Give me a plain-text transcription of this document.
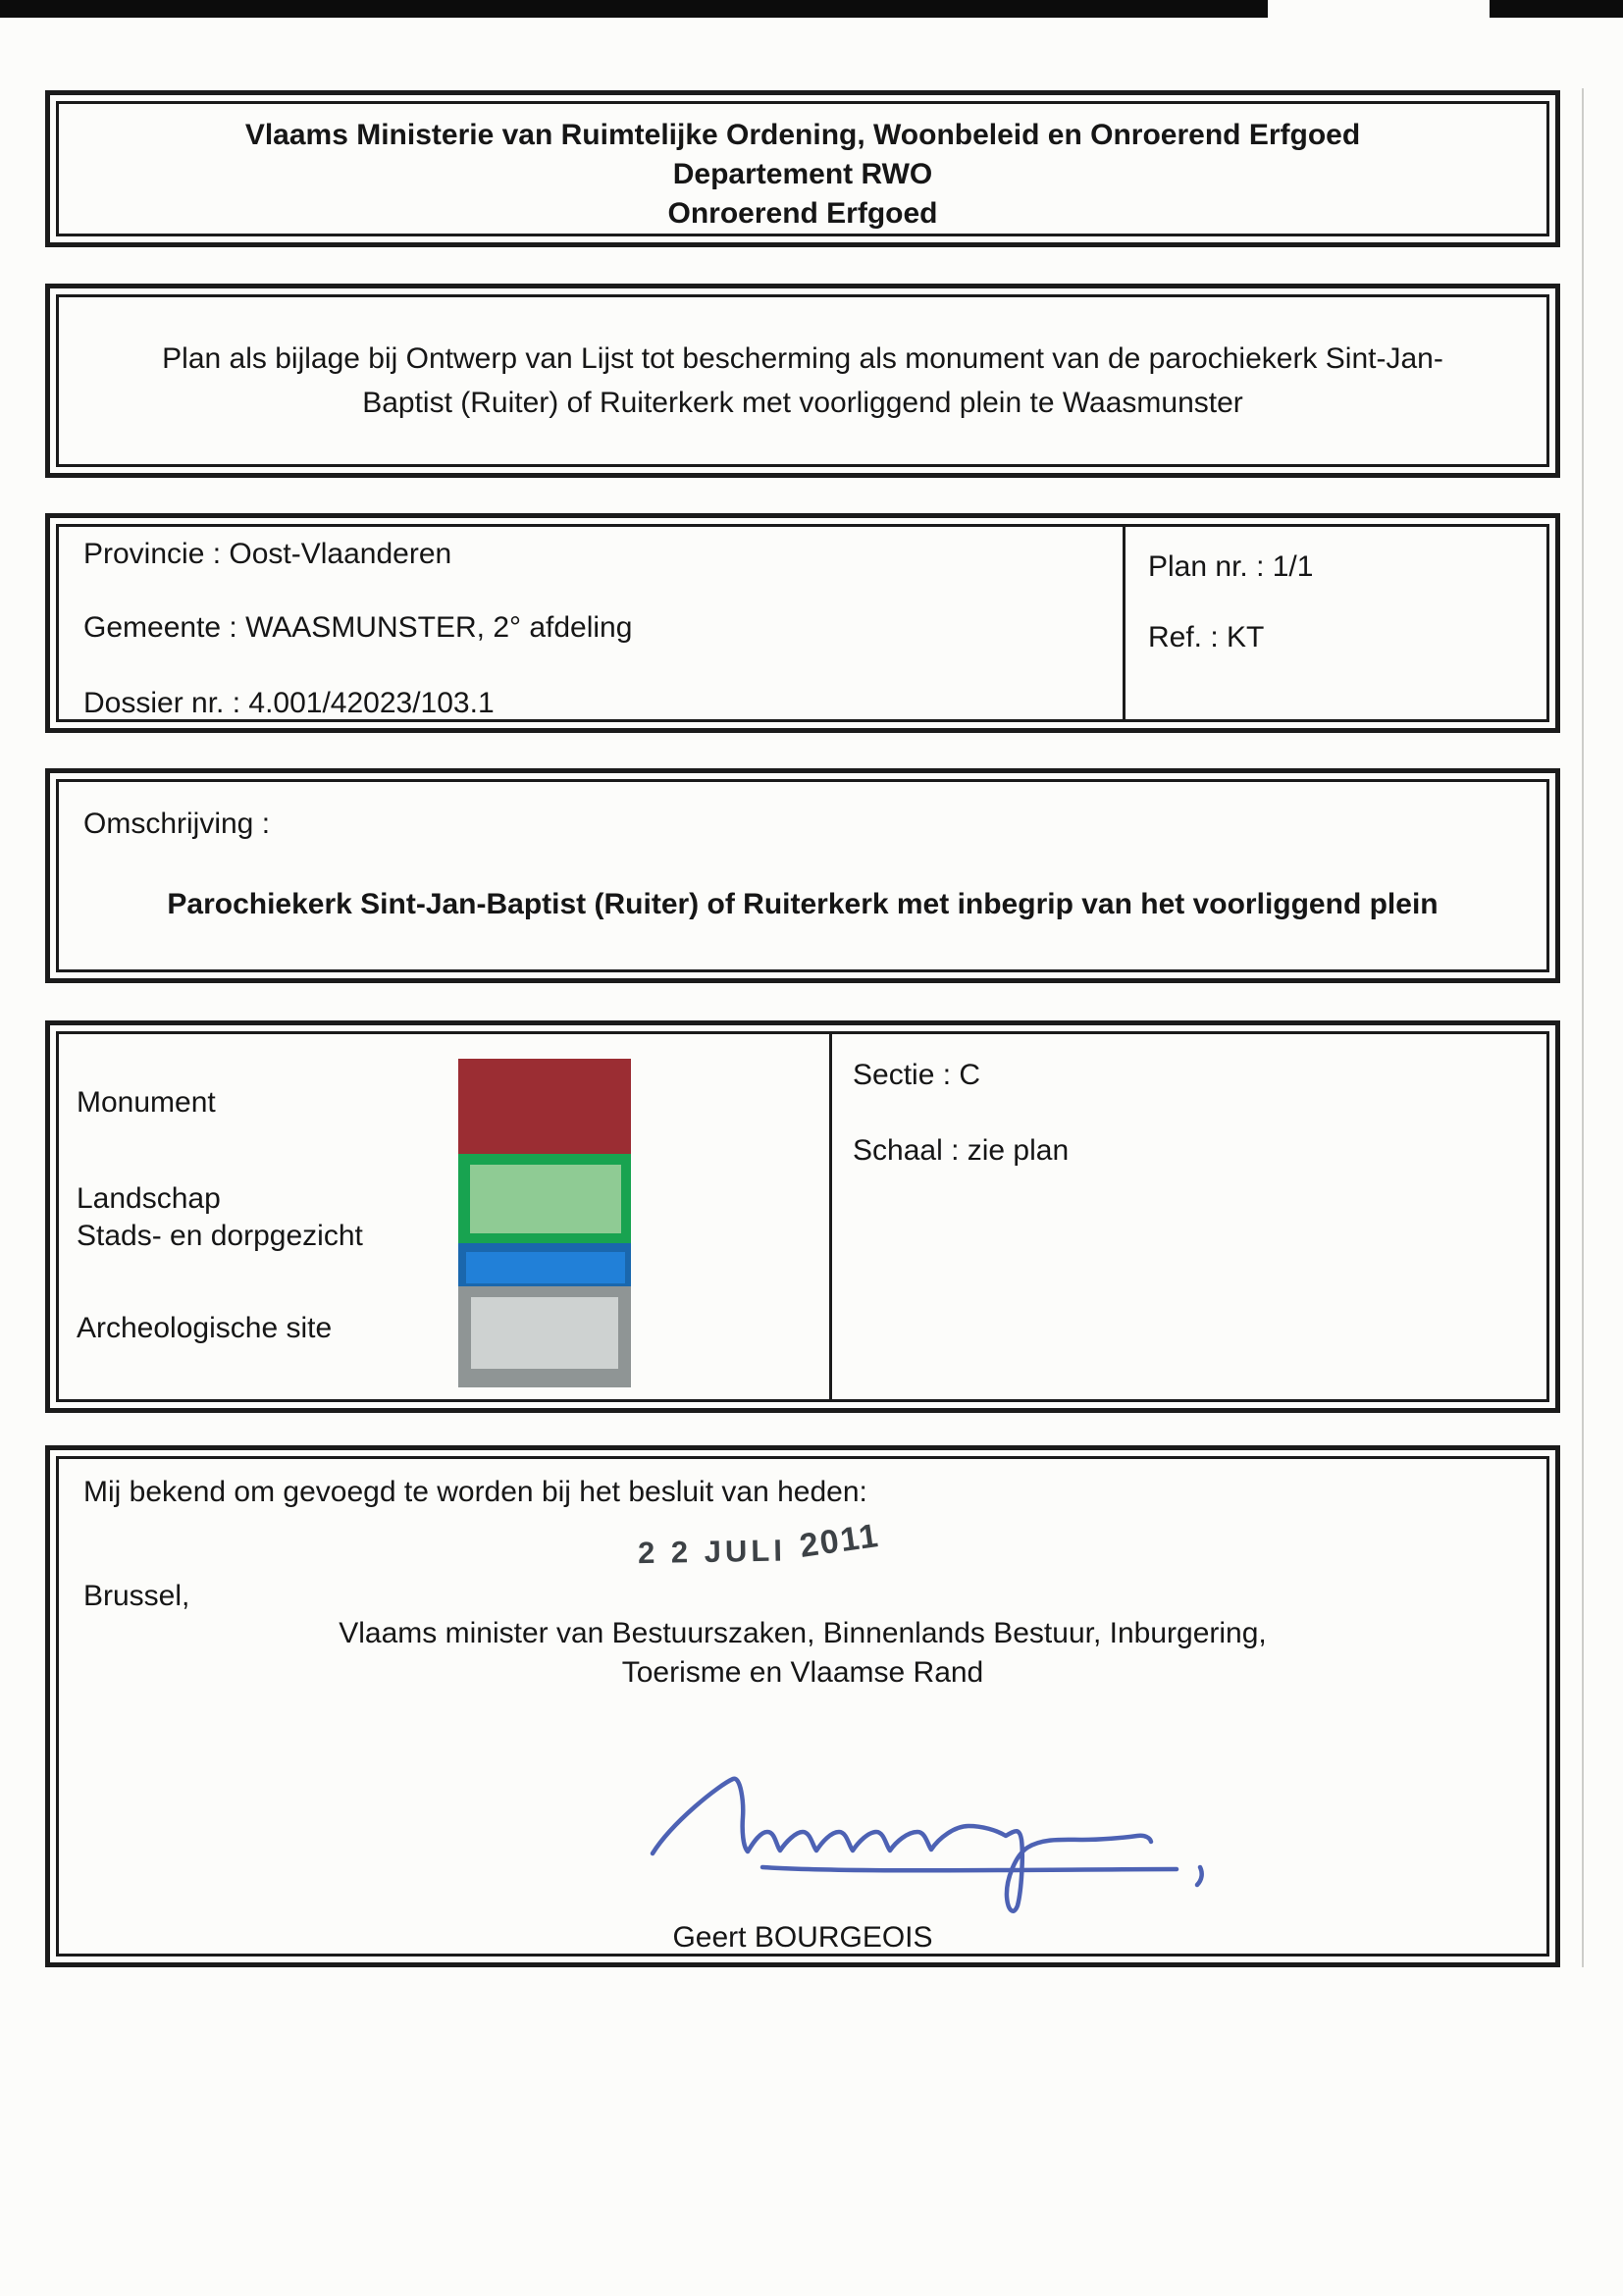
Vlaams Ministerie van Ruimtelijke Ordening, Woonbeleid en Onroerend Erfgoed
Departement RWO
Onroerend Erfgoed
Plan als bijlage bij Ontwerp van Lijst tot bescherming als monument van de parochiekerk Sint-Jan-
Baptist (Ruiter) of Ruiterkerk met voorliggend plein te Waasmunster
Provincie : Oost-Vlaanderen
Gemeente : WAASMUNSTER, 2° afdeling
Dossier nr. : 4.001/42023/103.1
Plan nr. : 1/1
Ref. : KT
Omschrijving :
Parochiekerk Sint-Jan-Baptist (Ruiter) of Ruiterkerk met inbegrip van het voorliggend plein
Monument
Landschap
Stads- en dorpgezicht
Archeologische site
Sectie : C
Schaal : zie plan
Mij bekend om gevoegd te worden bij het besluit van heden:
2 2 JULI 2011
Brussel,
Vlaams minister van Bestuurszaken, Binnenlands Bestuur, Inburgering,
Toerisme en Vlaamse Rand
Geert BOURGEOIS
